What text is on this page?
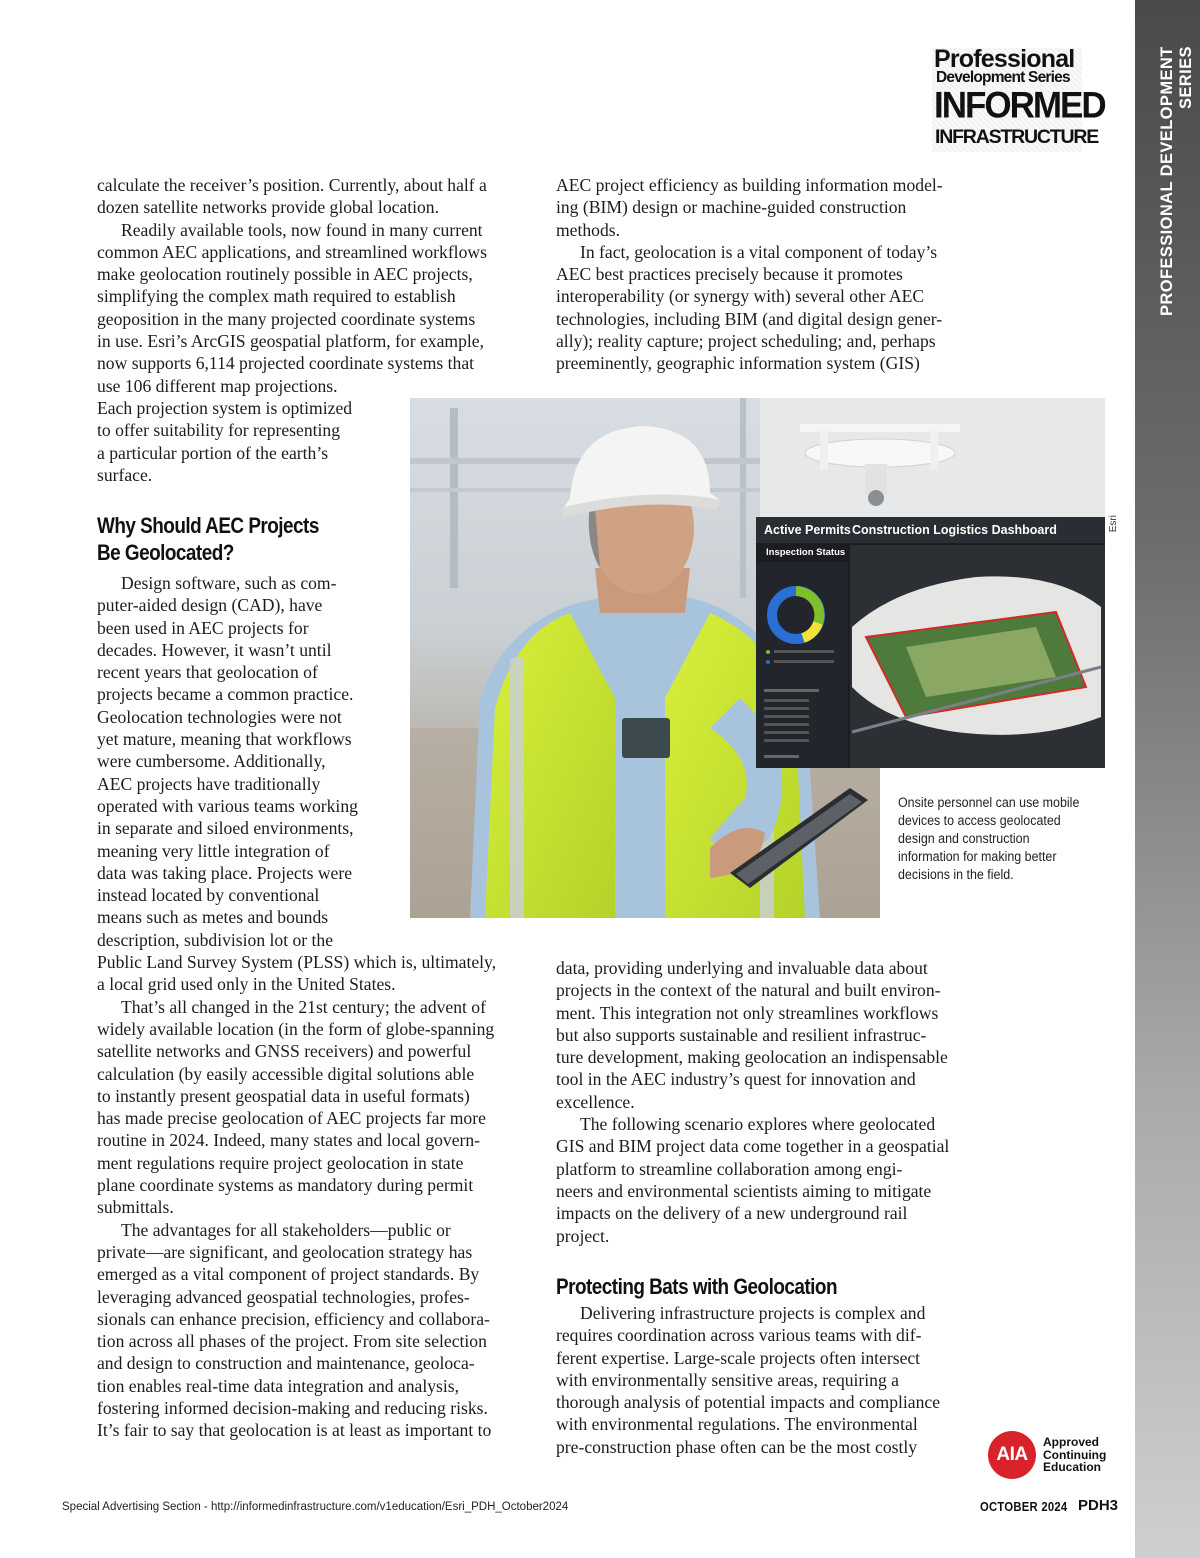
PROFESSIONAL DEVELOPMENT SERIES
Professional
Development Series
INFORMED
INFRASTRUCTURE

calculate the receiver’s position. Currently, about half a
dozen satellite networks provide global location.

Readily available tools, now found in many current
common AEC applications, and streamlined workflows
make geolocation routinely possible in AEC projects,
simplifying the complex math required to establish
geoposition in the many projected coordinate systems
in use. Esri’s ArcGIS geospatial platform, for example,
now supports 6,114 projected coordinate systems that
use 106 different map projections.
Each projection system is optimized
to offer suitability for representing
a particular portion of the earth’s
surface.

Why Should AEC Projects
Be Geolocated?

Design software, such as com-
puter-aided design (CAD), have
been used in AEC projects for
decades. However, it wasn’t until
recent years that geolocation of
projects became a common practice.
Geolocation technologies were not
yet mature, meaning that workflows
were cumbersome. Additionally,
AEC projects have traditionally
operated with various teams working
in separate and siloed environments,
meaning very little integration of
data was taking place. Projects were
instead located by conventional
means such as metes and bounds
description, subdivision lot or the
Public Land Survey System (PLSS) which is, ultimately,
a local grid used only in the United States.

That’s all changed in the 21st century; the advent of
widely available location (in the form of globe-spanning
satellite networks and GNSS receivers) and powerful
calculation (by easily accessible digital solutions able
to instantly present geospatial data in useful formats)
has made precise geolocation of AEC projects far more
routine in 2024. Indeed, many states and local govern-
ment regulations require project geolocation in state
plane coordinate systems as mandatory during permit
submittals.

The advantages for all stakeholders—public or
private—are significant, and geolocation strategy has
emerged as a vital component of project standards. By
leveraging advanced geospatial technologies, profes-
sionals can enhance precision, efficiency and collabora-
tion across all phases of the project. From site selection
and design to construction and maintenance, geoloca-
tion enables real-time data integration and analysis,
fostering informed decision-making and reducing risks.
It’s fair to say that geolocation is at least as important to

AEC project efficiency as building information model-
ing (BIM) design or machine-guided construction
methods.

In fact, geolocation is a vital component of today’s
AEC best practices precisely because it promotes
interoperability (or synergy with) several other AEC
technologies, including BIM (and digital design gener-
ally); reality capture; project scheduling; and, perhaps
preeminently, geographic information system (GIS)

Active Permits Construction Logistics Dashboard
Inspection Status
Esri
Onsite personnel can use mobile
devices to access geolocated
design and construction
information for making better
decisions in the field.

data, providing underlying and invaluable data about
projects in the context of the natural and built environ-
ment. This integration not only streamlines workflows
but also supports sustainable and resilient infrastruc-
ture development, making geolocation an indispensable
tool in the AEC industry’s quest for innovation and
excellence.

The following scenario explores where geolocated
GIS and BIM project data come together in a geospatial
platform to streamline collaboration among engi-
neers and environmental scientists aiming to mitigate
impacts on the delivery of a new underground rail
project.

Protecting Bats with Geolocation

Delivering infrastructure projects is complex and
requires coordination across various teams with dif-
ferent expertise. Large-scale projects often intersect
with environmentally sensitive areas, requiring a
thorough analysis of potential impacts and compliance
with environmental regulations. The environmental
pre-construction phase often can be the most costly	AIA
Approved
Continuing
Education
Special Advertising Section - http://informedinfrastructure.com/v1education/Esri_PDH_October2024	OCTOBER 2024 PDH3
